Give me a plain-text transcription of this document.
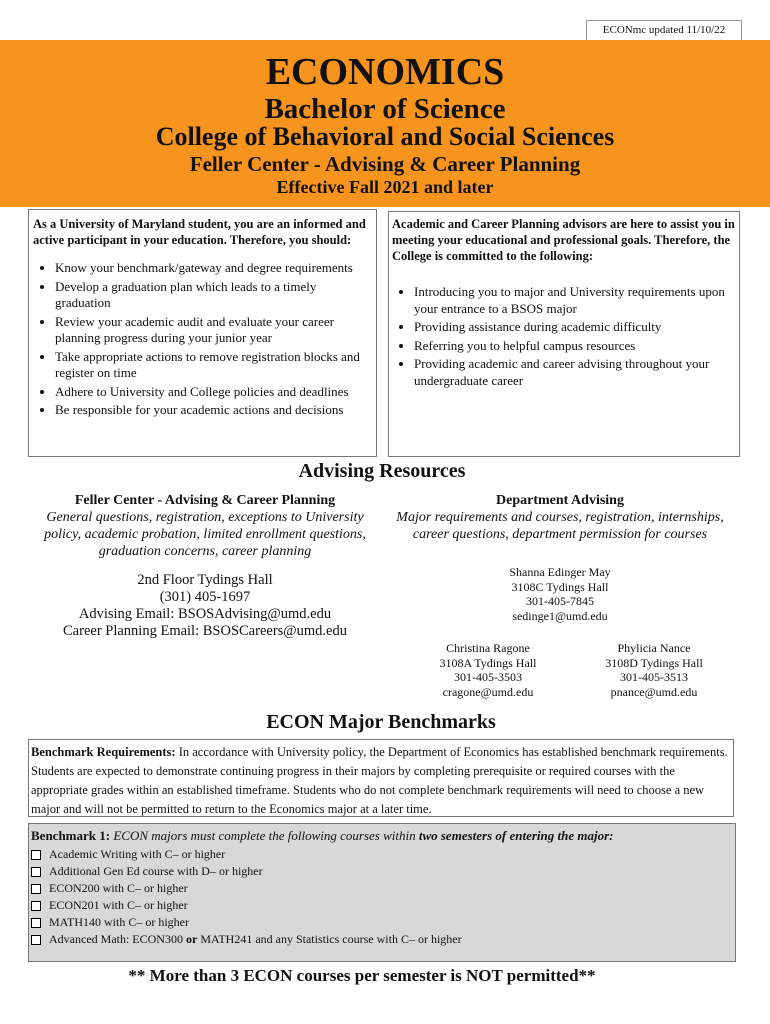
ECONmc updated 11/10/22
ECONOMICS
Bachelor of Science
College of Behavioral and Social Sciences
Feller Center - Advising & Career Planning
Effective Fall 2021 and later

As a University of Maryland student, you are an informed and active participant in your education. Therefore, you should:

• Know your benchmark/gateway and degree requirements
• Develop a graduation plan which leads to a timely graduation
• Review your academic audit and evaluate your career planning progress during your junior year
• Take appropriate actions to remove registration blocks and register on time
• Adhere to University and College policies and deadlines
• Be responsible for your academic actions and decisions

Academic and Career Planning advisors are here to assist you in meeting your educational and professional goals. Therefore, the College is committed to the following:

• Introducing you to major and University requirements upon your entrance to a BSOS major
• Providing assistance during academic difficulty
• Referring you to helpful campus resources
• Providing academic and career advising throughout your undergraduate career
Advising Resources
Feller Center - Advising & Career Planning
General questions, registration, exceptions to University policy, academic probation, limited enrollment questions, graduation concerns, career planning
2nd Floor Tydings Hall
(301) 405-1697
Advising Email: BSOSAdvising@umd.edu
Career Planning Email: BSOSCareers@umd.edu
Department Advising
Major requirements and courses, registration, internships, career questions, department permission for courses
Shanna Edinger May
3108C Tydings Hall
301-405-7845
sedinge1@umd.edu
Christina Ragone
3108A Tydings Hall
301-405-3503
cragone@umd.edu
Phylicia Nance
3108D Tydings Hall
301-405-3513
pnance@umd.edu
ECON Major Benchmarks
Benchmark Requirements: In accordance with University policy, the Department of Economics has established benchmark requirements. Students are expected to demonstrate continuing progress in their majors by completing prerequisite or required courses with the appropriate grades within an established timeframe. Students who do not complete benchmark requirements will need to choose a new major and will not be permitted to return to the Economics major at a later time.
Benchmark 1: ECON majors must complete the following courses within two semesters of entering the major:
Academic Writing with C– or higher
Additional Gen Ed course with D– or higher
ECON200 with C– or higher
ECON201 with C– or higher
MATH140 with C– or higher
Advanced Math: ECON300 or MATH241 and any Statistics course with C– or higher
** More than 3 ECON courses per semester is NOT permitted**
